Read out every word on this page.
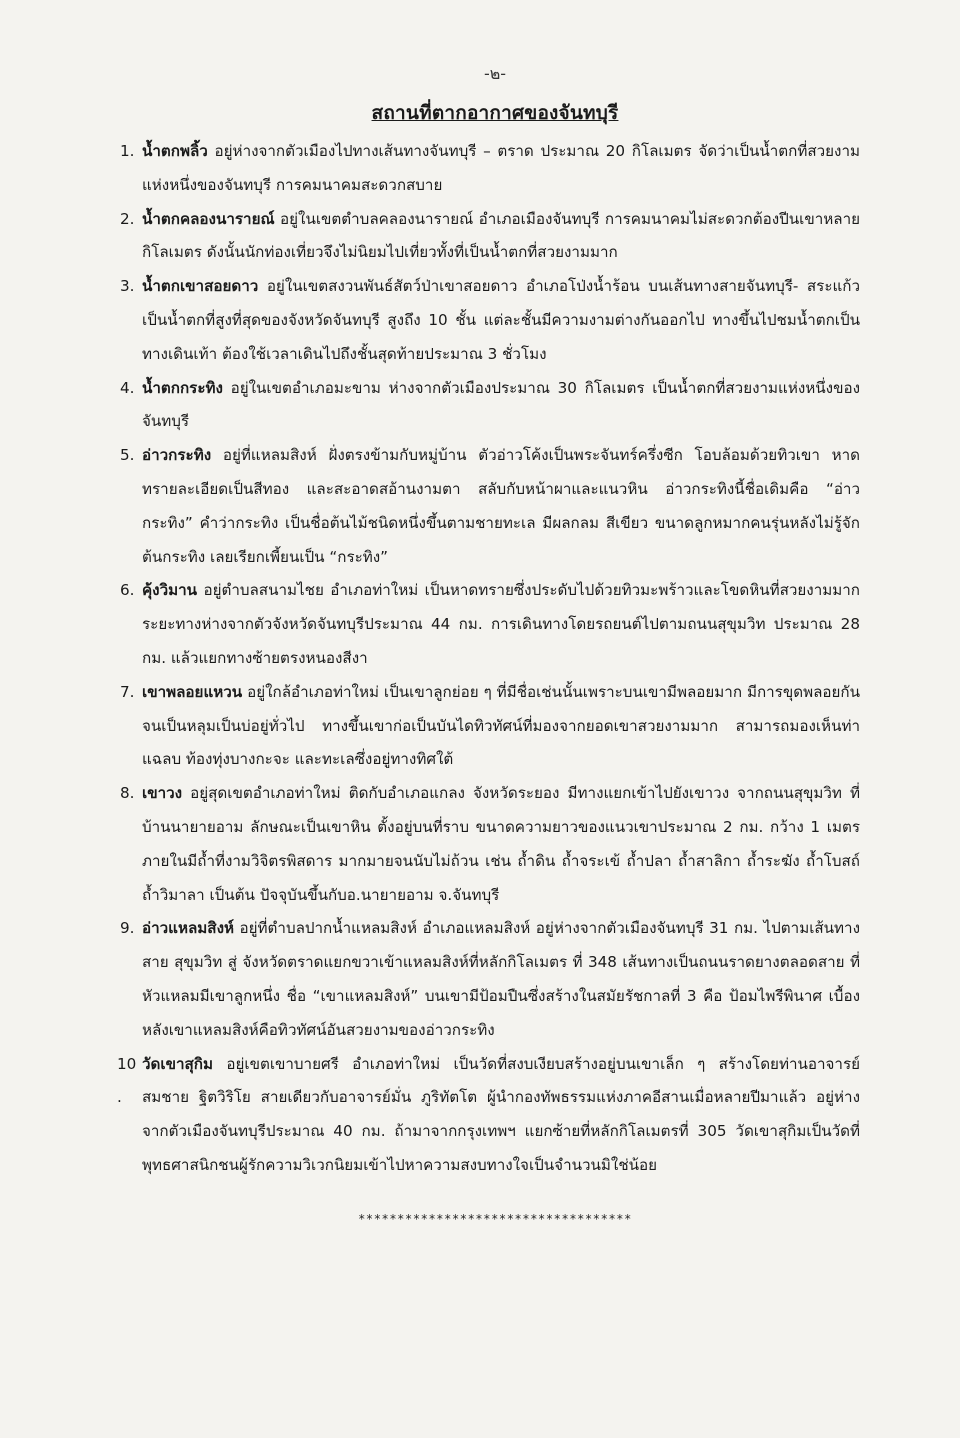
-๒-
สถานที่ตากอากาศของจันทบุรี
1. น้ำตกพลิ้ว อยู่ห่างจากตัวเมืองไปทางเส้นทางจันทบุรี – ตราด ประมาณ 20 กิโลเมตร จัดว่าเป็นน้ำตกที่สวยงามแห่งหนึ่งของจันทบุรี การคมนาคมสะดวกสบาย
2. น้ำตกคลองนารายณ์ อยู่ในเขตตำบลคลองนารายณ์ อำเภอเมืองจันทบุรี การคมนาคมไม่สะดวกต้องปีนเขาหลายกิโลเมตร ดังนั้นนักท่องเที่ยวจึงไม่นิยมไปเที่ยวทั้งที่เป็นน้ำตกที่สวยงามมาก
3. น้ำตกเขาสอยดาว อยู่ในเขตสงวนพันธ์สัตว์ป่าเขาสอยดาว อำเภอโป่งน้ำร้อน บนเส้นทางสายจันทบุรี- สระแก้ว เป็นน้ำตกที่สูงที่สุดของจังหวัดจันทบุรี สูงถึง 10 ชั้น แต่ละชั้นมีความงามต่างกันออกไป ทางขึ้นไปชมน้ำตกเป็นทางเดินเท้า ต้องใช้เวลาเดินไปถึงชั้นสุดท้ายประมาณ 3 ชั่วโมง
4. น้ำตกกระทิง อยู่ในเขตอำเภอมะขาม ห่างจากตัวเมืองประมาณ 30 กิโลเมตร เป็นน้ำตกที่สวยงามแห่งหนึ่งของจันทบุรี
5. อ่าวกระทิง อยู่ที่แหลมสิงห์ ฝั่งตรงข้ามกับหมู่บ้าน ตัวอ่าวโค้งเป็นพระจันทร์ครึ่งซีก โอบล้อมด้วยทิวเขา หาดทรายละเอียดเป็นสีทอง และสะอาดสอ้านงามตา สลับกับหน้าผาและแนวหิน อ่าวกระทิงนี้ชื่อเดิมคือ “อ่าวกระทิง” คำว่ากระทิง เป็นชื่อต้นไม้ชนิดหนึ่งขึ้นตามชายทะเล มีผลกลม สีเขียว ขนาดลูกหมากคนรุ่นหลังไม่รู้จักต้นกระทิง เลยเรียกเพี้ยนเป็น “กระทิง”
6. คุ้งวิมาน อยู่ตำบลสนามไชย อำเภอท่าใหม่ เป็นหาดทรายซึ่งประดับไปด้วยทิวมะพร้าวและโขดหินที่สวยงามมาก ระยะทางห่างจากตัวจังหวัดจันทบุรีประมาณ 44 กม. การเดินทางโดยรถยนต์ไปตามถนนสุขุมวิท ประมาณ 28 กม. แล้วแยกทางซ้ายตรงหนองสีงา
7. เขาพลอยแหวน อยู่ใกล้อำเภอท่าใหม่ เป็นเขาลูกย่อย ๆ ที่มีชื่อเช่นนั้นเพราะบนเขามีพลอยมาก มีการขุดพลอยกันจนเป็นหลุมเป็นบ่อยู่ทั่วไป ทางขึ้นเขาก่อเป็นบันไดทิวทัศน์ที่มองจากยอดเขาสวยงามมาก สามารถมองเห็นท่าแฉลบ ท้องทุ่งบางกะจะ และทะเลซึ่งอยู่ทางทิศใต้
8. เขาวง อยู่สุดเขตอำเภอท่าใหม่ ติดกับอำเภอแกลง จังหวัดระยอง มีทางแยกเข้าไปยังเขาวง จากถนนสุขุมวิท ที่บ้านนายายอาม ลักษณะเป็นเขาหิน ตั้งอยู่บนที่ราบ ขนาดความยาวของแนวเขาประมาณ 2 กม. กว้าง 1 เมตร ภายในมีถ้ำที่งามวิจิตรพิสดาร มากมายจนนับไม่ถ้วน เช่น ถ้ำดิน ถ้ำจระเข้ ถ้ำปลา ถ้ำสาลิกา ถ้ำระฆัง ถ้ำโบสถ์ ถ้ำวิมาลา เป็นต้น ปัจจุบันขึ้นกับอ.นายายอาม จ.จันทบุรี
9. อ่าวแหลมสิงห์ อยู่ที่ตำบลปากน้ำแหลมสิงห์ อำเภอแหลมสิงห์ อยู่ห่างจากตัวเมืองจันทบุรี 31 กม. ไปตามเส้นทางสาย สุขุมวิท สู่ จังหวัดตราดแยกขวาเข้าแหลมสิงห์ที่หลักกิโลเมตร ที่ 348 เส้นทางเป็นถนนราดยางตลอดสาย ที่หัวแหลมมีเขาลูกหนึ่ง ชื่อ “เขาแหลมสิงห์” บนเขามีป้อมปืนซึ่งสร้างในสมัยรัชกาลที่ 3 คือ ป้อมไพรีพินาศ เบื้องหลังเขาแหลมสิงห์คือทิวทัศน์อันสวยงามของอ่าวกระทิง
10.
วัดเขาสุกิม อยู่เขตเขาบายศรี อำเภอท่าใหม่ เป็นวัดที่สงบเงียบสร้างอยู่บนเขาเล็ก ๆ สร้างโดยท่านอาจารย์สมชาย ฐิตวิริโย สายเดียวกับอาจารย์มั่น ภูริทัตโต ผู้นำกองทัพธรรมแห่งภาคอีสานเมื่อหลายปีมาแล้ว อยู่ห่างจากตัวเมืองจันทบุรีประมาณ 40 กม. ถ้ามาจากกรุงเทพฯ แยกซ้ายที่หลักกิโลเมตรที่ 305 วัดเขาสุกิมเป็นวัดที่พุทธศาสนิกชนผู้รักความวิเวกนิยมเข้าไปหาความสงบทางใจเป็นจำนวนมิใช่น้อย
***********************************
